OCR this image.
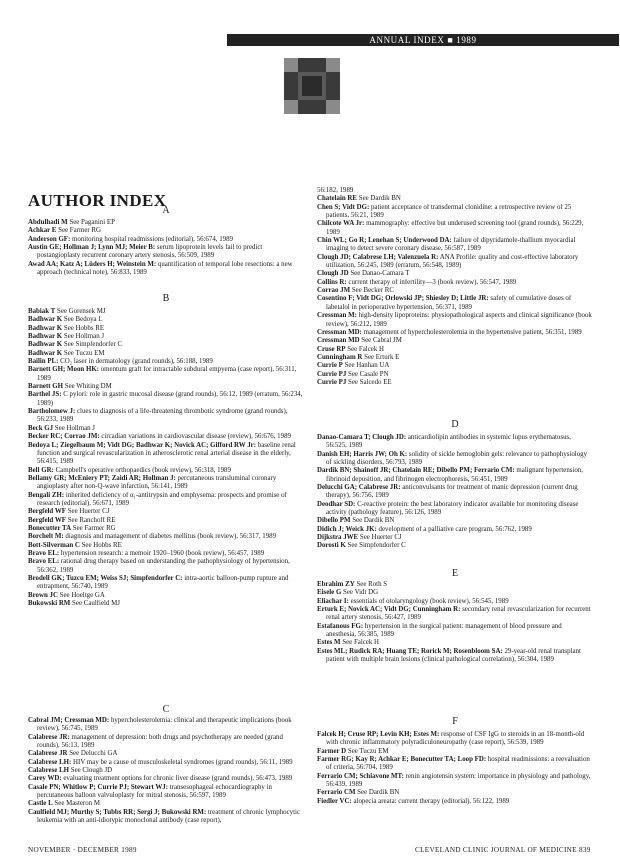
ANNUAL INDEX ■ 1989
AUTHOR INDEX
A
Abdulhadi M See Paganini EP
Achkar E See Farmer RG
Anderson GF: monitoring hospital readmissions (editorial), 56:674, 1989
Austin GE; Hollman J; Lynn MJ; Meier B: serum lipoprotein levels fail to predict postangioplasty recurrent coronary artery stenosis, 56:509, 1989
Awad AA; Katz A; Lüders H; Weinstein M: quantification of temporal lobe resections: a new approach (technical note), 56:833, 1989
B
Babiak T See Gorensek MJ
Badhwar K See Bedoya L
Badhwar K See Hobbs RE
Badhwar K See Hollman J
Badhwar K See Simpfendorfer C
Badhwar K See Tuczu EM
Bailin PL: CO₂ laser in dermatology (grand rounds), 56:188, 1989
Barnett GH; Moon HK: omentum graft for intractable subdural empyema (case report), 56:311, 1989
Barnett GH See Whiting DM
Barthel JS: C pylori: role in gastric mucosal disease (grand rounds), 56:12, 1989 (erratum, 56:234, 1989)
Bartholomew J: clues to diagnosis of a life-threatening thrombotic syndrome (grand rounds), 56:233, 1989
Beck GJ See Hollman J
Becker RC; Corrao JM: circadian variations in cardiovascular disease (review), 56:676, 1989
Bedoya L; Ziegelbaum M; Vidt DG; Badhwar K; Novick AC; Gifford RW Jr: baseline renal function and surgical revascularization in atherosclerotic renal arterial disease in the elderly, 56:415, 1989
Bell GR: Campbell's operative orthopaedics (book review), 56:318, 1989
Bellamy GR; McEniery PT; Zaidi AR; Hollman J: percutaneous transluminal coronary angioplasty after non-Q-wave infarction, 56:141, 1989
Bengali ZH: inherited deficiency of α₁-antitrypsin and emphysema: prospects and promise of research (editorial), 56:671, 1989
Bergfeld WF See Huerter CJ
Bergfeld WF See Ranchoff RE
Bonecutter TA See Farmer RG
Borchelt M: diagnosis and management of diabetes mellitus (book review), 56:317, 1989
Bott-Silverman C See Hobbs RE
Bravo EL: hypertension research: a memoir 1920–1960 (book review), 56:457, 1989
Bravo EL: rational drug therapy based on understanding the pathophysiology of hypertension, 56:362, 1989
Brodell GK; Tuzcu EM; Weiss SJ; Simpfendorfer C: intra-aortic balloon-pump rupture and entrapment, 56:740, 1989
Brown JC See Hoeltge GA
Bukowski RM See Caulfield MJ
C
Cabral JM; Cressman MD: hypercholesterolemia: clinical and therapeutic implications (book review), 56:745, 1989
Calabrese JR: management of depression: both drugs and psychotherapy are needed (grand rounds), 56:13, 1989
Calabrese JR See Delucchi GA
Calabrese LH: HIV may be a cause of musculoskeletal syndromes (grand rounds), 56:11, 1989
Calabrese LH See Clough JD
Carey WD: evaluating treatment options for chronic liver disease (grand rounds), 56:473, 1989
Casale PN; Whitlow P; Currie PJ; Stewart WJ: transesophageal echocardiography in percutaneous balloon valvuloplasty for mitral stenosis, 56:597, 1989
Castle L See Masteron M
Caulfield MJ; Murthy S; Tubbs RR; Sergi J; Bukowski RM: treatment of chronic lymphocytic leukemia with an anti-idiotypic monoclonal antibody (case report),
56:182, 1989
Chatelain RE See Dardik BN
Chen S; Vidt DG: patient acceptance of transdermal clonidine: a retrospective review of 25 patients, 56:21, 1989
Chilcote WA Jr: mammography: effective but underused screening tool (grand rounds), 56:229, 1989
Chin WL; Go R; Lenehan S; Underwood DA: failure of dipyridamole-thallium myocardial imaging to detect severe coronary disease, 56:587, 1989
Clough JD; Calabrese LH; Valenzuela R: ANA Profile: quality and cost-effective laboratory utilization, 56:245, 1989 (erratum, 56:548, 1989)
Clough JD See Danao-Camara T
Collins R: current therapy of infertility—3 (book review), 56:547, 1989
Corrao JM See Becker RC
Cosentino F; Vidt DG; Orlowski JP; Shiesley D; Little JR: safety of cumulative doses of labetalol in perioperative hypertension, 56:371, 1989
Cressman M: high-density lipoproteins: physiopathological aspects and clinical significance (book review), 56:212, 1989
Cressman MD: management of hypercholesterolemia in the hypertensive patient, 56:351, 1989
Cressman MD See Cabral JM
Cruse RP See Falcek H
Cunningham R See Erturk E
Currie P See Hanhan UA
Currie PJ See Casale PN
Currie PJ See Salcedo EE
D
Danao-Camara T; Clough JD: anticardiolipin antibodies in systemic lupus erythematosus, 56:525, 1989
Danish EH; Harris JW; Oh K: solidity of sickle hemoglobin gels: relevance to pathophysiology of sickling disorders, 56:793, 1989
Dardik BN; Shainoff JR; Chatelain RE; Dibello PM; Ferrario CM: malignant hypertension, fibrinoid deposition, and fibrinogen electrophoresis, 56:451, 1989
Delucchi GA; Calabrese JR: anticonvulsants for treatment of manic depression (current drug therapy), 56:756, 1989
Deodhar SD: C-reactive protein: the best laboratory indicator available for monitoring disease activity (pathology feature), 56:126, 1989
Dibello PM See Dardik BN
Didich J; Weick JK: development of a palliative care program, 56:762, 1989
Dijkstra JWE See Huerter CJ
Dorosti K See Simpfendorfer C
E
Ebrahim ZY See Roth S
Eisele G See Vidt DG
Eliachar I: essentials of otolaryngology (book review), 56:545, 1989
Erturk E; Novick AC; Vidt DG; Cunningham R: secondary renal revascularization for recurrent renal artery stenosis, 56:427, 1989
Estafanous FG: hypertension in the surgical patient: management of blood pressure and anesthesia, 56:385, 1989
Estes M See Falcek H
Estes ML; Rudick RA; Huang TE; Rorick M; Rosenbloom SA: 29-year-old renal transplant patient with multiple brain lesions (clinical pathological correlation), 56:304, 1989
F
Falcek H; Cruse RP; Levin KH; Estes M: response of CSF IgG to steroids in an 18-month-old with chronic inflammatory polyradiculoneuropathy (case report), 56:539, 1989
Farmer D See Tuczu EM
Farmer RG; Kay R; Achkar E; Bonecutter TA; Loop FD: hospital readmissions: a reevaluation of criteria, 56:704, 1989
Ferrario CM; Schiavone MT: renin angiotensin system: importance in physiology and pathology, 56:439, 1989
Ferrario CM See Dardik BN
Fiedler VC: alopecia areata: current therapy (editorial), 56:122, 1989
NOVEMBER · DECEMBER 1989	CLEVELAND CLINIC JOURNAL OF MEDICINE 839
